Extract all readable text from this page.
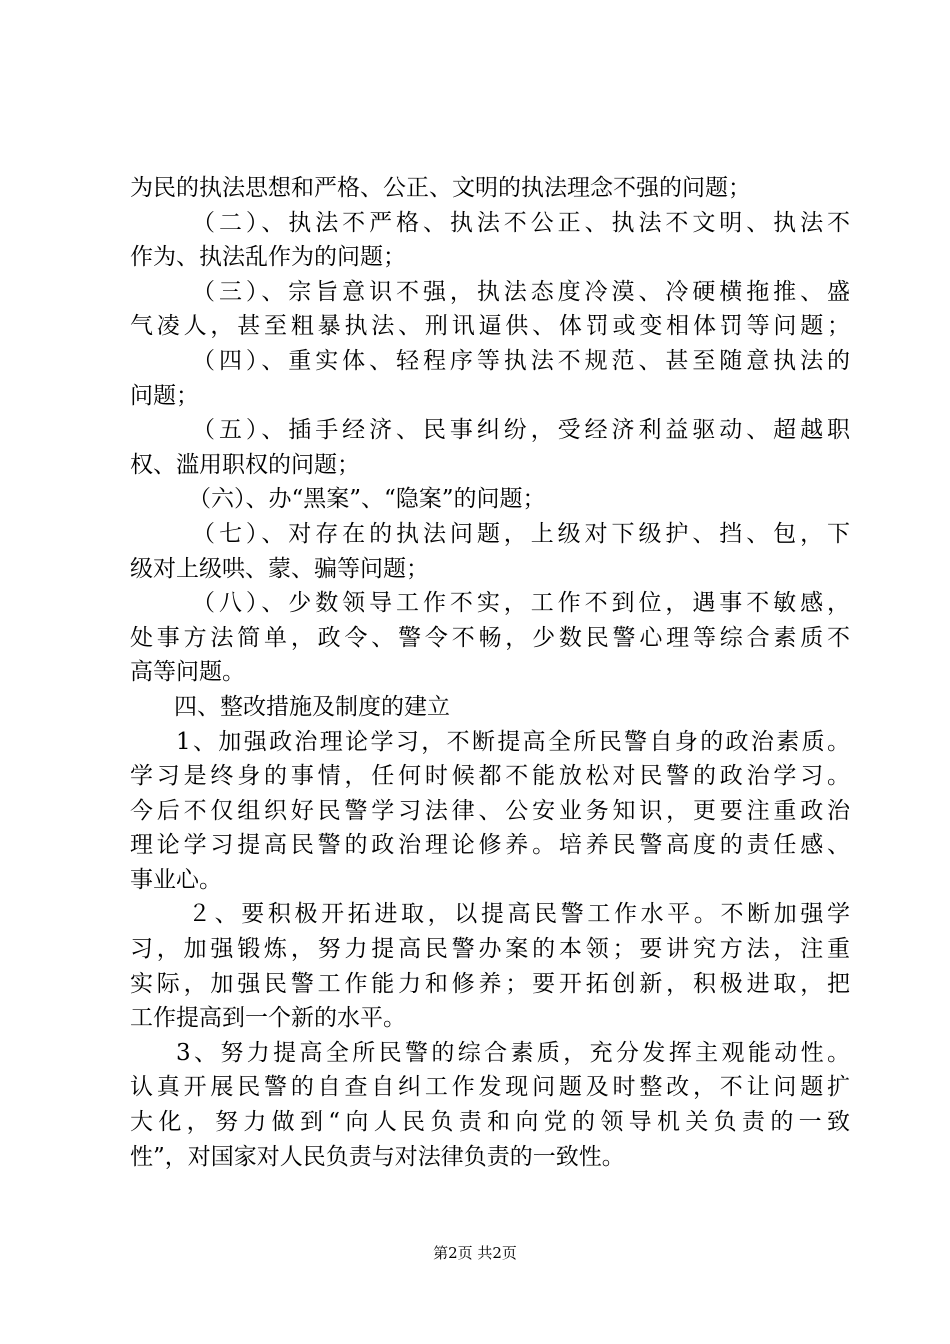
为民的执法思想和严格、公正、文明的执法理念不强的问题；
（二）、执法不严格、执法不公正、执法不文明、执法不
作为、执法乱作为的问题；
（三）、宗旨意识不强，执法态度冷漠、冷硬横拖推、盛
气凌人，甚至粗暴执法、刑讯逼供、体罚或变相体罚等问题；
（四）、重实体、轻程序等执法不规范、甚至随意执法的
问题；
（五）、插手经济、民事纠纷，受经济利益驱动、超越职
权、滥用职权的问题；
（六）、办“黑案”、“隐案”的问题；
（七）、对存在的执法问题，上级对下级护、挡、包，下
级对上级哄、蒙、骗等问题；
（八）、少数领导工作不实，工作不到位，遇事不敏感，
处事方法简单，政令、警令不畅，少数民警心理等综合素质不
高等问题。
四、整改措施及制度的建立
1、加强政治理论学习，不断提高全所民警自身的政治素质。
学习是终身的事情，任何时候都不能放松对民警的政治学习。
今后不仅组织好民警学习法律、公安业务知识，更要注重政治
理论学习提高民警的政治理论修养。培养民警高度的责任感、
事业心。
２、要积极开拓进取，以提高民警工作水平。不断加强学
习，加强锻炼，努力提高民警办案的本领；要讲究方法，注重
实际，加强民警工作能力和修养；要开拓创新，积极进取，把
工作提高到一个新的水平。
3、努力提高全所民警的综合素质，充分发挥主观能动性。
认真开展民警的自查自纠工作发现问题及时整改，不让问题扩
大化，努力做到“向人民负责和向党的领导机关负责的一致
性”，对国家对人民负责与对法律负责的一致性。
第2页 共2页
